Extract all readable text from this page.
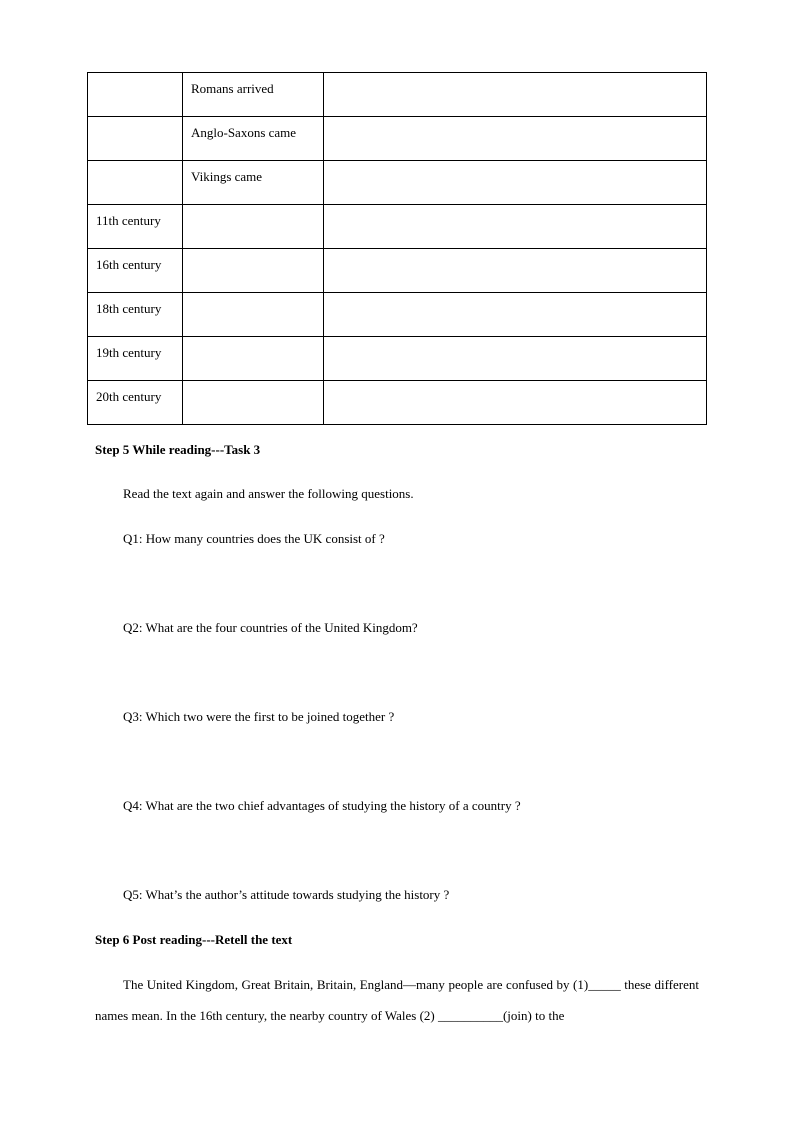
	Romans arrived	
	Anglo-Saxons came	
	Vikings came	
11th century		
16th century		
18th century		
19th century		
20th century		
Step 5 While reading---Task 3
Read the text again and answer the following questions.
Q1: How many countries does the UK consist of ?
Q2: What are the four countries of the United Kingdom?
Q3: Which two were the first to be joined together ?
Q4: What are the two chief advantages of studying the history of a country ?
Q5: What’s the author’s attitude towards studying the history ?
Step 6 Post reading---Retell the text
The United Kingdom, Great Britain, Britain, England—many people are confused by (1)_____ these different names mean. In the 16th century, the nearby country of Wales (2) __________(join) to the
